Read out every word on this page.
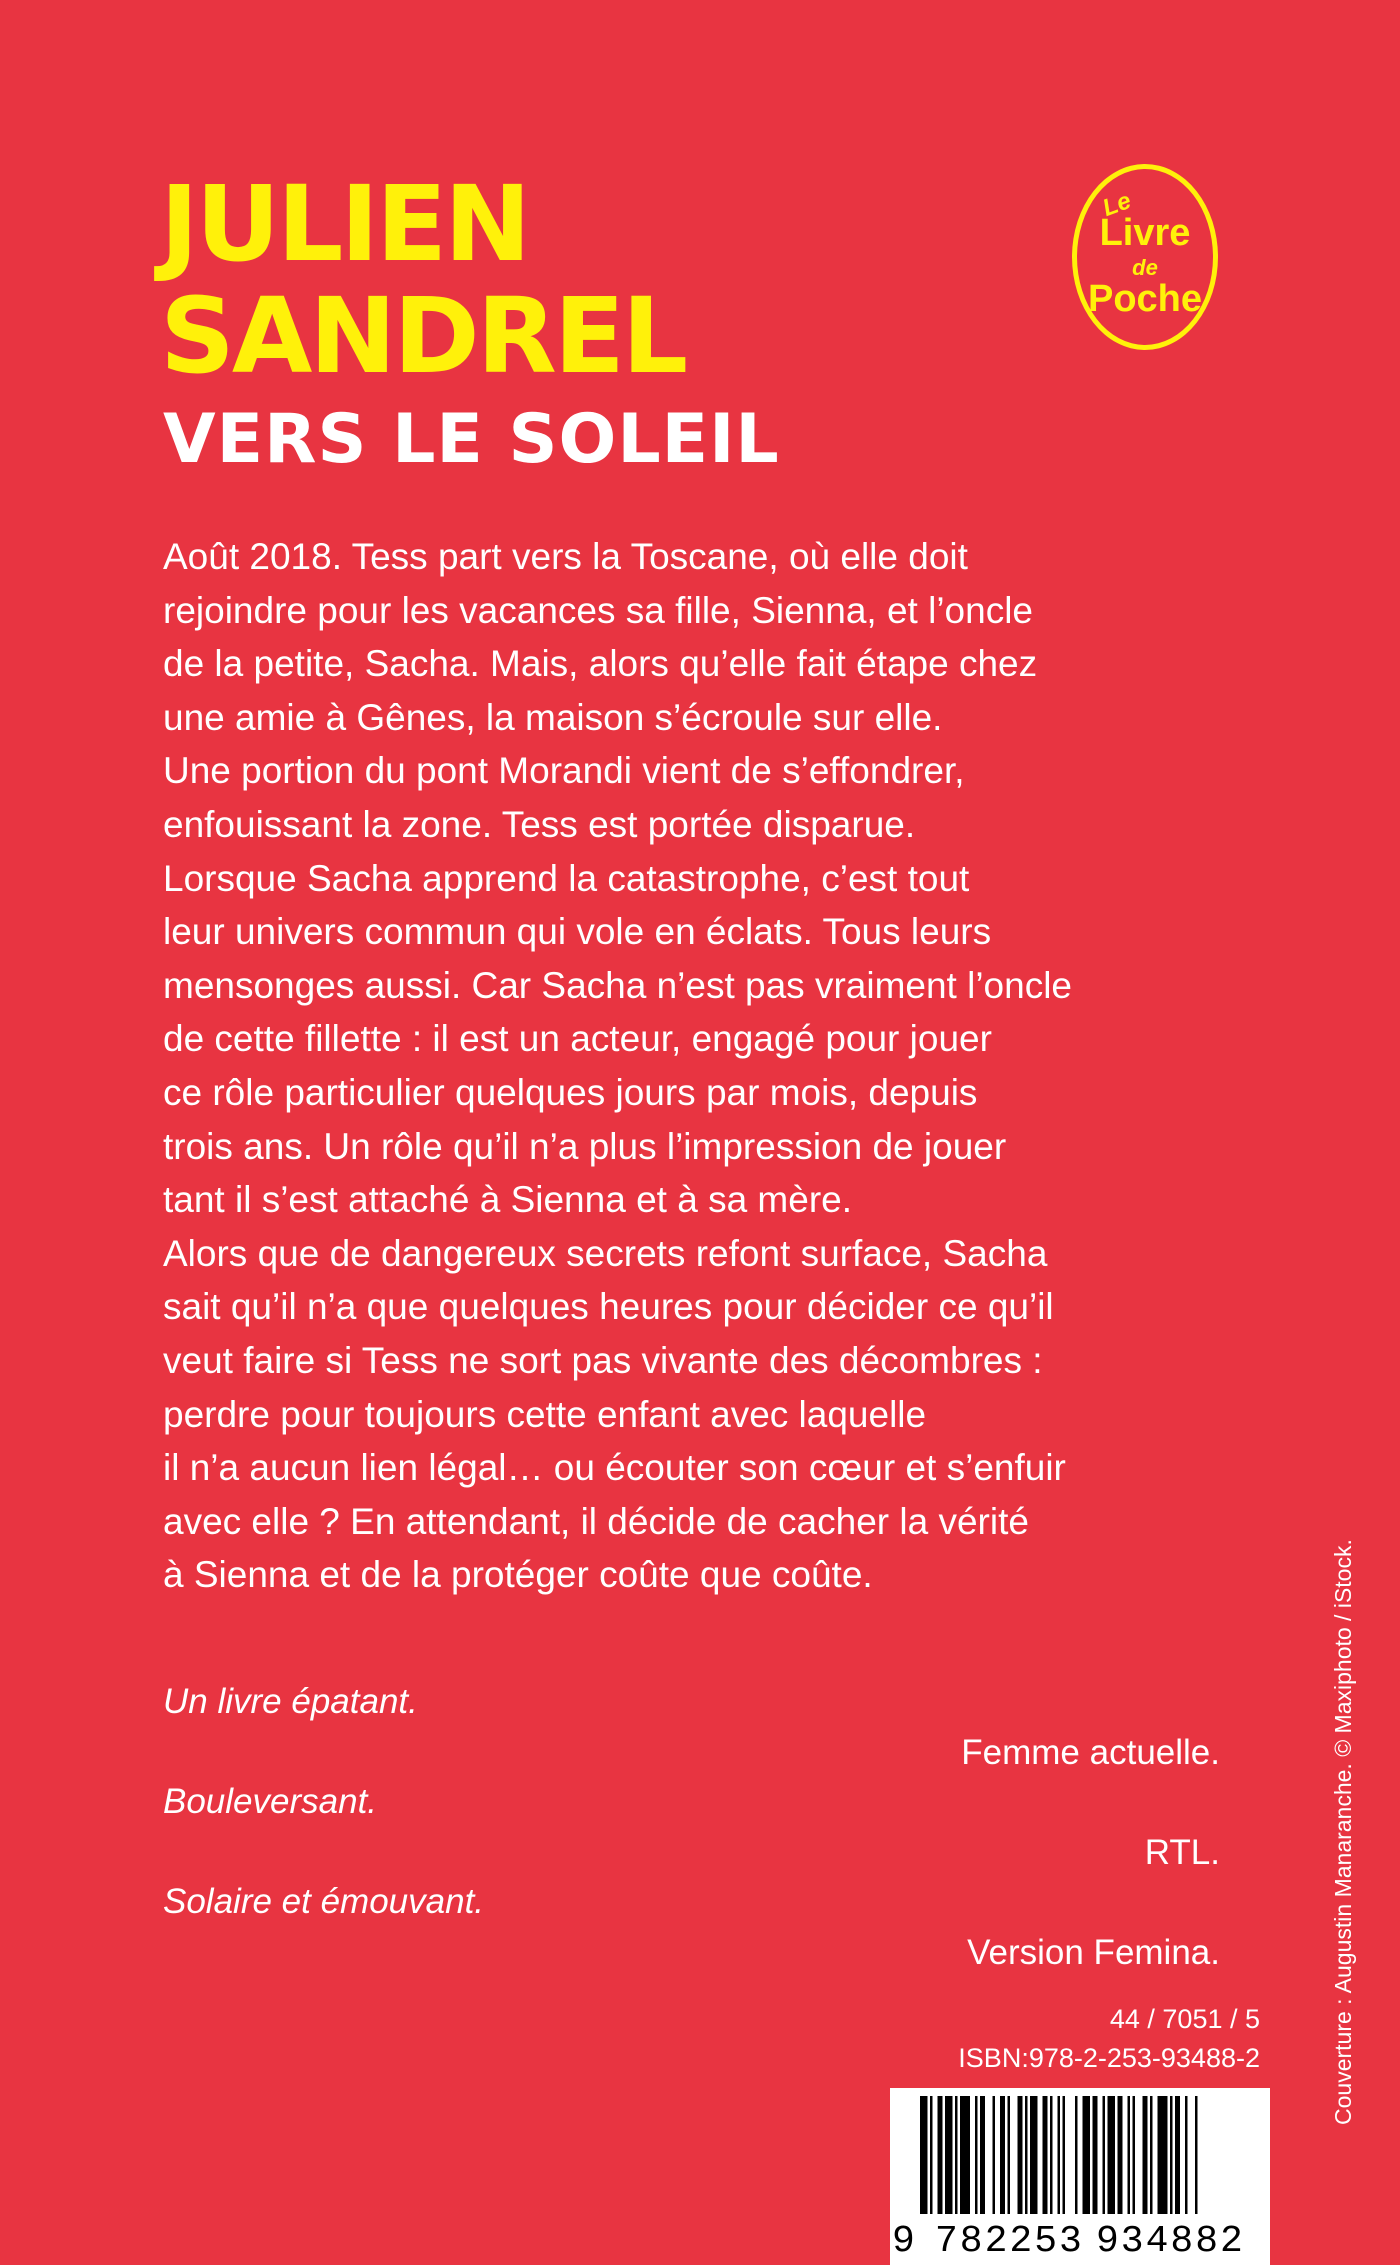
JULIEN
SANDREL
VERS LE SOLEIL
Le
Livre
de
Poche

Août 2018. Tess part vers la Toscane, où elle doit
rejoindre pour les vacances sa fille, Sienna, et l’oncle
de la petite, Sacha. Mais, alors qu’elle fait étape chez
une amie à Gênes, la maison s’écroule sur elle.
Une portion du pont Morandi vient de s’effondrer,
enfouissant la zone. Tess est portée disparue.
Lorsque Sacha apprend la catastrophe, c’est tout
leur univers commun qui vole en éclats. Tous leurs
mensonges aussi. Car Sacha n’est pas vraiment l’oncle
de cette fillette : il est un acteur, engagé pour jouer
ce rôle particulier quelques jours par mois, depuis
trois ans. Un rôle qu’il n’a plus l’impression de jouer
tant il s’est attaché à Sienna et à sa mère.
Alors que de dangereux secrets refont surface, Sacha
sait qu’il n’a que quelques heures pour décider ce qu’il
veut faire si Tess ne sort pas vivante des décombres :
perdre pour toujours cette enfant avec laquelle
il n’a aucun lien légal… ou écouter son cœur et s’enfuir
avec elle ? En attendant, il décide de cacher la vérité
à Sienna et de la protéger coûte que coûte.

Un livre épatant.
Femme actuelle.
Bouleversant.
RTL.
Solaire et émouvant.
Version Femina.
44 / 7051 / 5
ISBN:978-2-253-93488-2	Couverture : Augustin Manaranche. © Maxiphoto / iStock.
9 782253 934882
